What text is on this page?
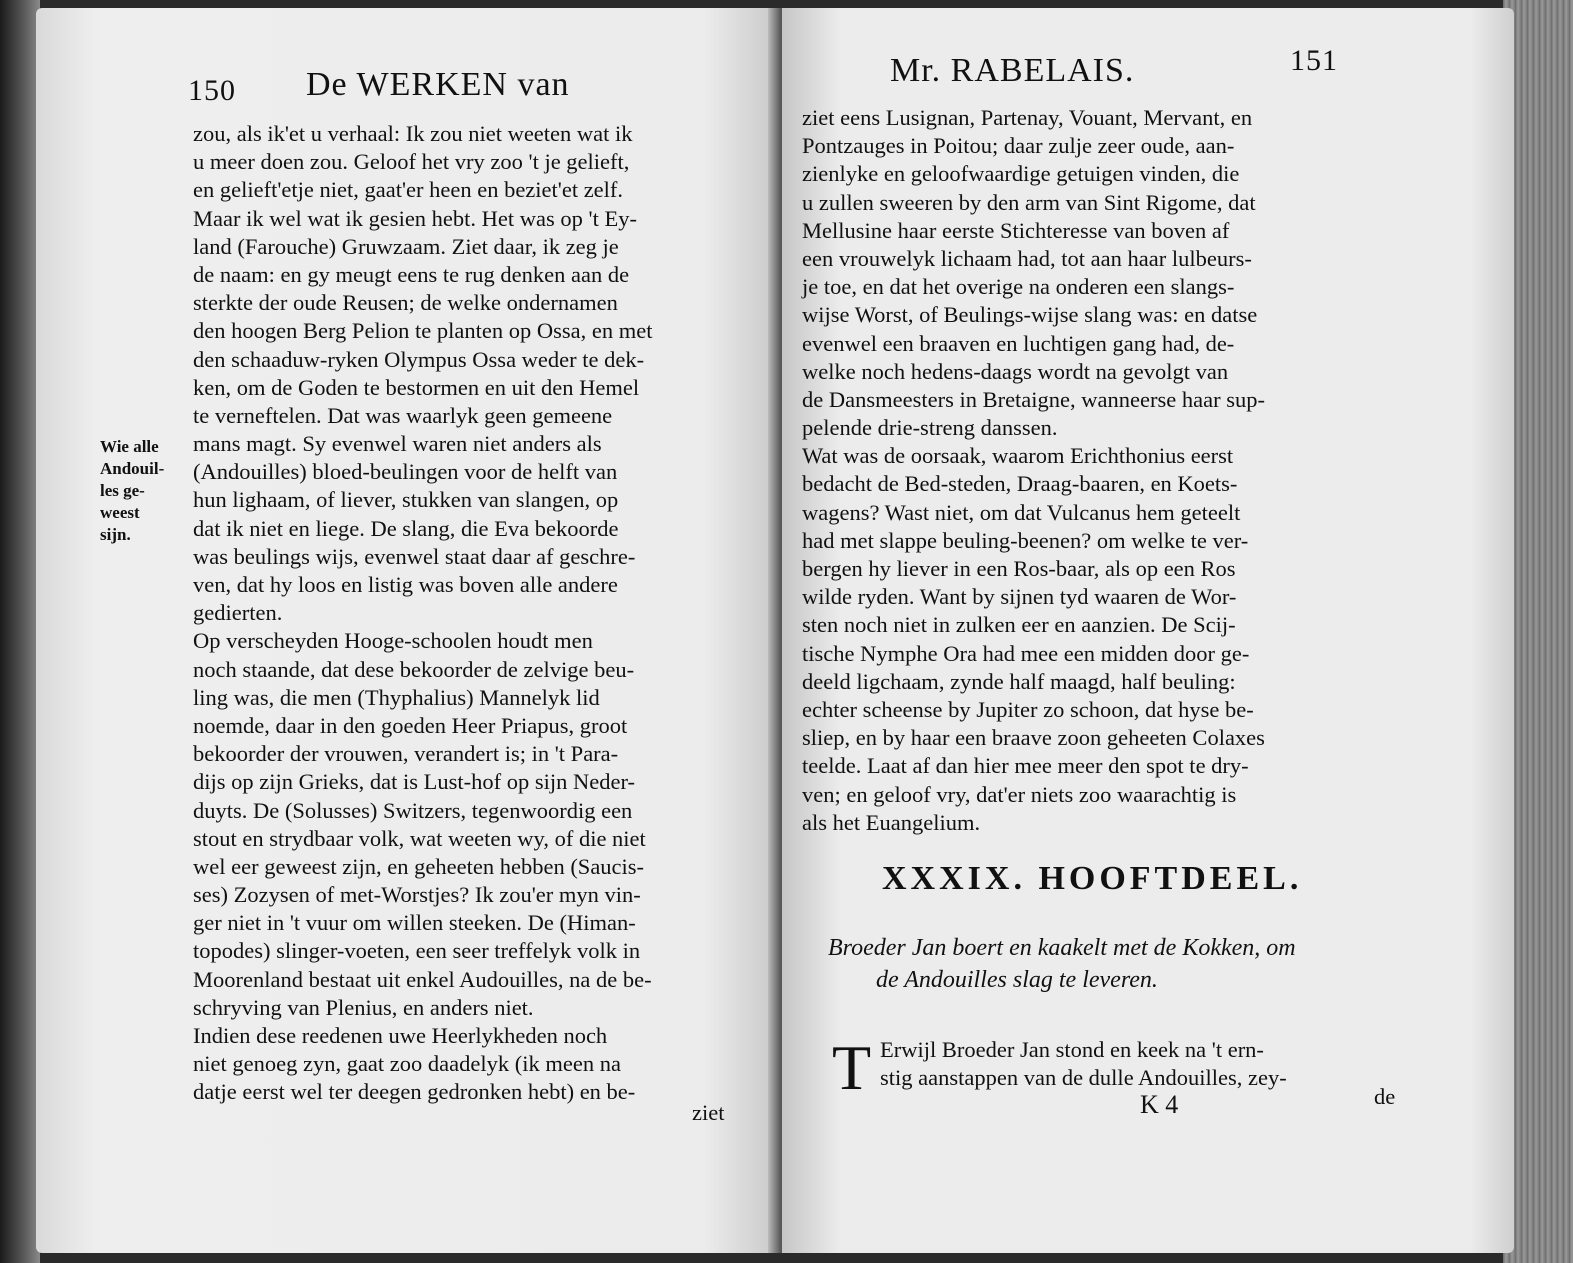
150 De WERKEN van
Wie alle
Andouil-
les ge-
weest
sijn.
zou, als ik'et u verhaal: Ik zou niet weeten wat ik
u meer doen zou. Geloof het vry zoo 't je gelieft,
en gelieft'etje niet, gaat'er heen en beziet'et zelf.
Maar ik wel wat ik gesien hebt. Het was op 't Ey-
land (Farouche) Gruwzaam. Ziet daar, ik zeg je
de naam: en gy meugt eens te rug denken aan de
sterkte der oude Reusen; de welke ondernamen
den hoogen Berg Pelion te planten op Ossa, en met
den schaaduw-ryken Olympus Ossa weder te dek-
ken, om de Goden te bestormen en uit den Hemel
te verneftelen. Dat was waarlyk geen gemeene
mans magt. Sy evenwel waren niet anders als
(Andouilles) bloed-beulingen voor de helft van
hun lighaam, of liever, stukken van slangen, op
dat ik niet en liege. De slang, die Eva bekoorde
was beulings wijs, evenwel staat daar af geschre-
ven, dat hy loos en listig was boven alle andere
gedierten.
Op verscheyden Hooge-schoolen houdt men
noch staande, dat dese bekoorder de zelvige beu-
ling was, die men (Thyphalius) Mannelyk lid
noemde, daar in den goeden Heer Priapus, groot
bekoorder der vrouwen, verandert is; in 't Para-
dijs op zijn Grieks, dat is Lust-hof op sijn Neder-
duyts. De (Solusses) Switzers, tegenwoordig een
stout en strydbaar volk, wat weeten wy, of die niet
wel eer geweest zijn, en geheeten hebben (Saucis-
ses) Zozysen of met-Worstjes? Ik zou'er myn vin-
ger niet in 't vuur om willen steeken. De (Himan-
topodes) slinger-voeten, een seer treffelyk volk in
Moorenland bestaat uit enkel Audouilles, na de be-
schryving van Plenius, en anders niet.
Indien dese reedenen uwe Heerlykheden noch
niet genoeg zyn, gaat zoo daadelyk (ik meen na
datje eerst wel ter deegen gedronken hebt) en be-
ziet
Mr. RABELAIS.	151
ziet eens Lusignan, Partenay, Vouant, Mervant, en
Pontzauges in Poitou; daar zulje zeer oude, aan-
zienlyke en geloofwaardige getuigen vinden, die
u zullen sweeren by den arm van Sint Rigome, dat
Mellusine haar eerste Stichteresse van boven af
een vrouwelyk lichaam had, tot aan haar lulbeurs-
je toe, en dat het overige na onderen een slangs-
wijse Worst, of Beulings-wijse slang was: en datse
evenwel een braaven en luchtigen gang had, de-
welke noch hedens-daags wordt na gevolgt van
de Dansmeesters in Bretaigne, wanneerse haar sup-
pelende drie-streng danssen.
Wat was de oorsaak, waarom Erichthonius eerst
bedacht de Bed-steden, Draag-baaren, en Koets-
wagens? Wast niet, om dat Vulcanus hem geteelt
had met slappe beuling-beenen? om welke te ver-
bergen hy liever in een Ros-baar, als op een Ros
wilde ryden. Want by sijnen tyd waaren de Wor-
sten noch niet in zulken eer en aanzien. De Scij-
tische Nymphe Ora had mee een midden door ge-
deeld ligchaam, zynde half maagd, half beuling:
echter scheense by Jupiter zo schoon, dat hyse be-
sliep, en by haar een braave zoon geheeten Colaxes
teelde. Laat af dan hier mee meer den spot te dry-
ven; en geloof vry, dat'er niets zoo waarachtig is
als het Euangelium.
XXXIX. HOOFTDEEL.
Broeder Jan boert en kaakelt met de Kokken, om
de Andouilles slag te leveren.
T Erwijl Broeder Jan stond en keek na 't ern-
stig aanstappen van de dulle Andouilles, zey-
K 4	de
